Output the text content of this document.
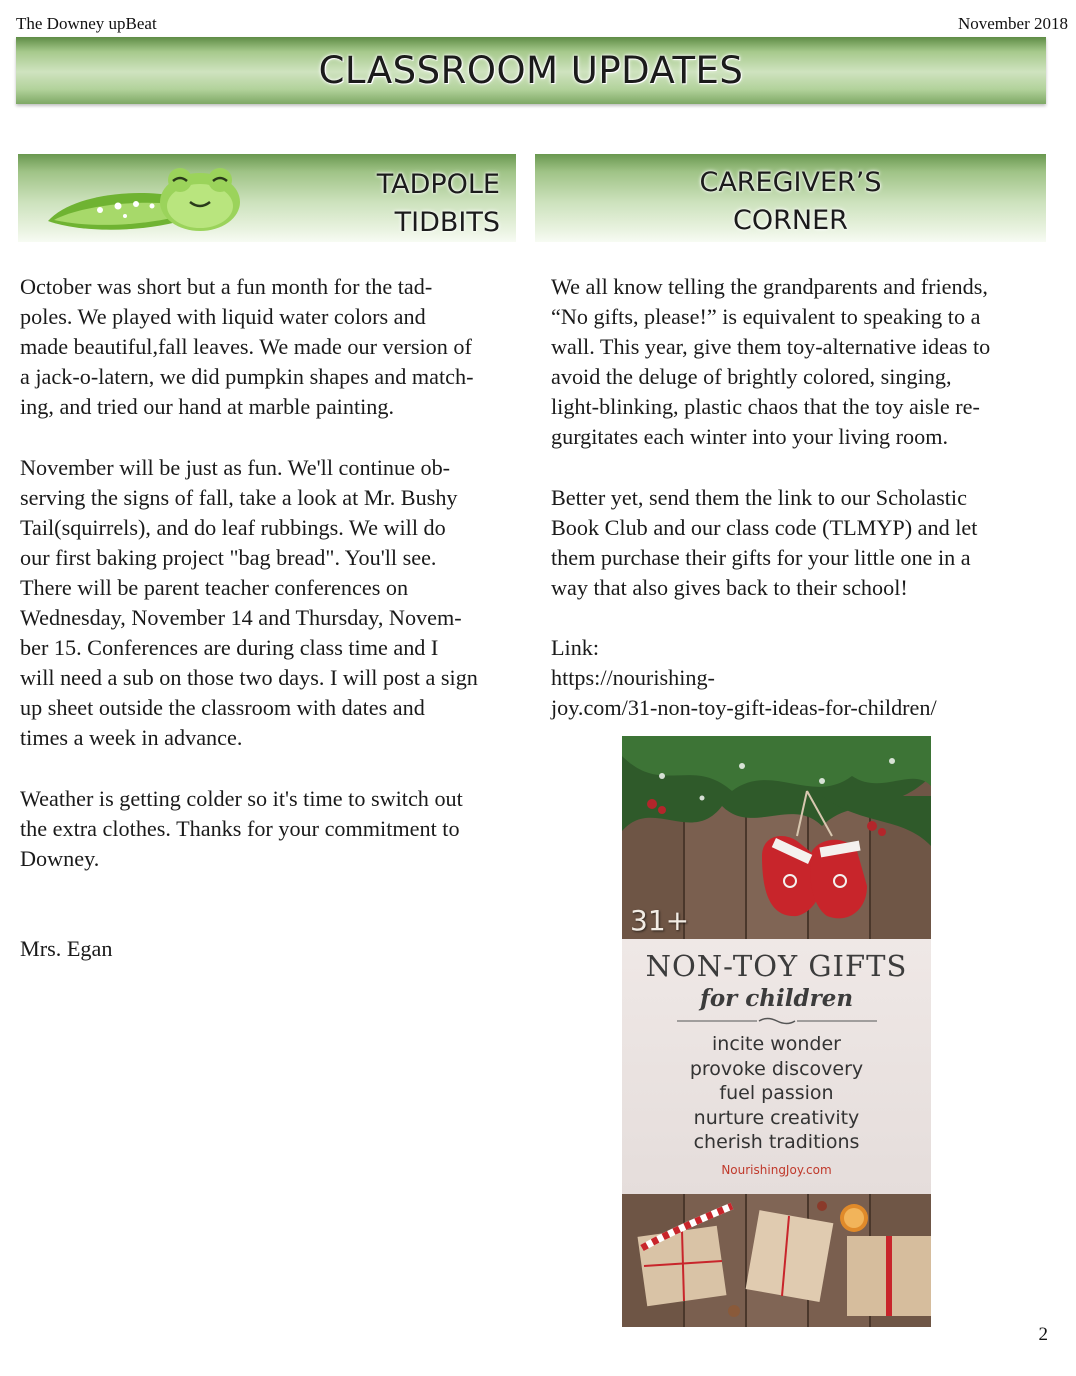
The Downey upBeat	November 2018
CLASSROOM UPDATES
TADPOLE
TIDBITS
CAREGIVER’S
CORNER

October was short but a fun month for the tad-
poles. We played with liquid water colors and
made beautiful,fall leaves. We made our version of
a jack-o-latern, we did pumpkin shapes and match-
ing, and tried our hand at marble painting.

November will be just as fun. We'll continue ob-
serving the signs of fall, take a look at Mr. Bushy
Tail(squirrels), and do leaf rubbings. We will do
our first baking project "bag bread". You'll see.
There will be parent teacher conferences on
Wednesday, November 14 and Thursday, Novem-
ber 15. Conferences are during class time and I
will need a sub on those two days. I will post a sign
up sheet outside the classroom with dates and
times a week in advance.

Weather is getting colder so it's time to switch out
the extra clothes. Thanks for your commitment to
Downey.

Mrs. Egan

We all know telling the grandparents and friends,
“No gifts, please!” is equivalent to speaking to a
wall. This year, give them toy-alternative ideas to
avoid the deluge of brightly colored, singing,
light-blinking, plastic chaos that the toy aisle re-
gurgitates each winter into your living room.

Better yet, send them the link to our Scholastic
Book Club and our class code (TLMYP) and let
them purchase their gifts for your little one in a
way that also gives back to their school!

Link:
https://nourishing-
joy.com/31-non-toy-gift-ideas-for-children/

31+
NON-TOY GIFTS
for children
incite wonder
provoke discovery
fuel passion
nurture creativity
cherish traditions
NourishingJoy.com
2
